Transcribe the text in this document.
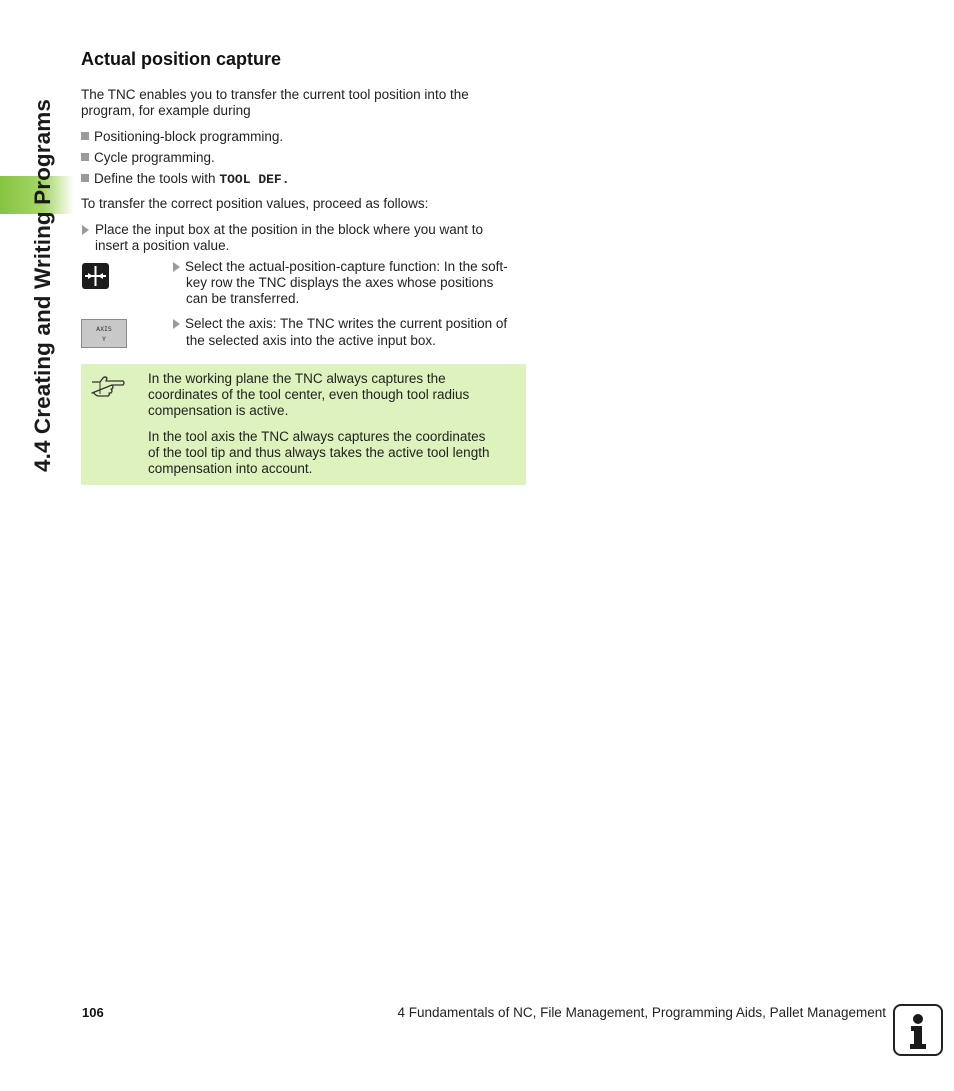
4.4 Creating and Writing Programs
Actual position capture
The TNC enables you to transfer the current tool position into the
program, for example during
Positioning-block programming.
Cycle programming.
Define the tools with TOOL DEF.
To transfer the correct position values, proceed as follows:
Place the input box at the position in the block where you want to
insert a position value.
Select the actual-position-capture function: In the soft-
key row the TNC displays the axes whose positions
can be transferred.
AXIS
Y
Select the axis: The TNC writes the current position of
the selected axis into the active input box.
In the working plane the TNC always captures the
coordinates of the tool center, even though tool radius
compensation is active.
In the tool axis the TNC always captures the coordinates
of the tool tip and thus always takes the active tool length
compensation into account.
106	4 Fundamentals of NC, File Management, Programming Aids, Pallet Management
